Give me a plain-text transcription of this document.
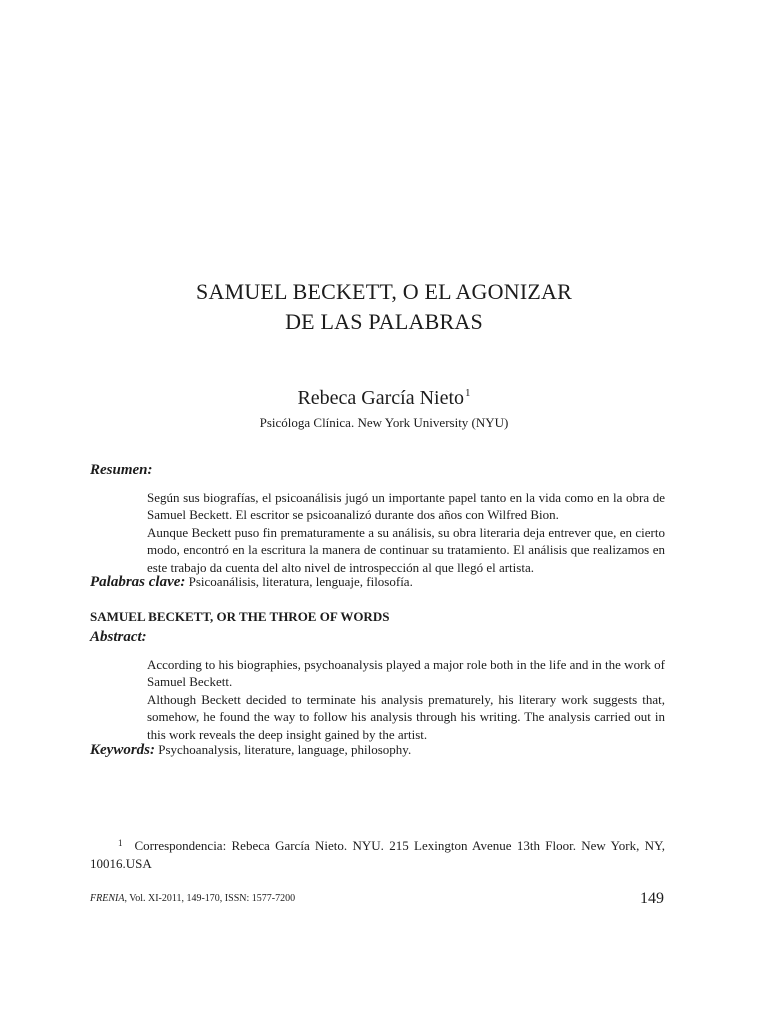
SAMUEL BECKETT, O EL AGONIZAR
DE LAS PALABRAS
Rebeca García Nieto$^1$
Psicóloga Clínica. New York University (NYU)
Resumen:

Según sus biografías, el psicoanálisis jugó un importante papel tanto en la vida como en la obra de Samuel Beckett. El escritor se psicoanalizó durante dos años con Wilfred Bion.

Aunque Beckett puso fin prematuramente a su análisis, su obra literaria deja entrever que, en cierto modo, encontró en la escritura la manera de continuar su tratamiento. El análisis que realizamos en este trabajo da cuenta del alto nivel de introspección al que llegó el artista.

Palabras clave: Psicoanálisis, literatura, lenguaje, filosofía.
SAMUEL BECKETT, OR THE THROE OF WORDS
Abstract:

According to his biographies, psychoanalysis played a major role both in the life and in the work of Samuel Beckett.

Although Beckett decided to terminate his analysis prematurely, his literary work suggests that, somehow, he found the way to follow his analysis through his writing. The analysis carried out in this work reveals the deep insight gained by the artist.

Keywords: Psychoanalysis, literature, language, philosophy.
$^1$ Correspondencia: Rebeca García Nieto. NYU. 215 Lexington Avenue 13th Floor. New York, NY, 10016.USA
FRENIA, Vol. XI-2011, 149-170, ISSN: 1577-7200	149
